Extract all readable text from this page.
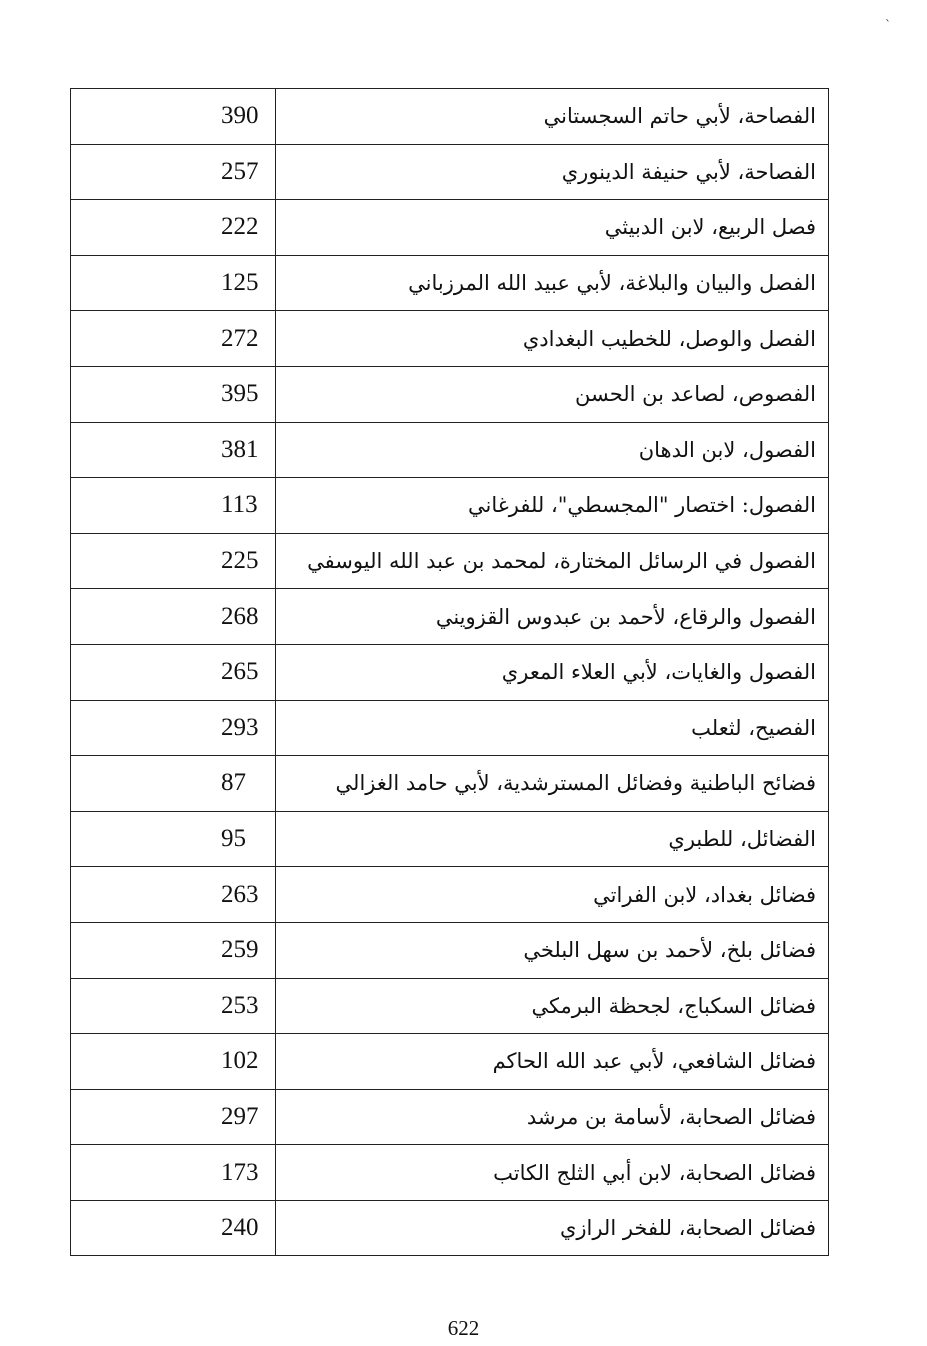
`
390	الفصاحة، لأبي حاتم السجستاني
257	الفصاحة، لأبي حنيفة الدينوري
222	فصل الربيع، لابن الدبيثي
125	الفصل والبيان والبلاغة، لأبي عبيد الله المرزباني
272	الفصل والوصل، للخطيب البغدادي
395	الفصوص، لصاعد بن الحسن
381	الفصول، لابن الدهان
113	الفصول: اختصار "المجسطي"، للفرغاني
225 الفصول في الرسائل المختارة، لمحمد بن عبد الله اليوسفي
268	الفصول والرقاع، لأحمد بن عبدوس القزويني
265	الفصول والغايات، لأبي العلاء المعري
293	الفصيح، لثعلب
87	فضائح الباطنية وفضائل المسترشدية، لأبي حامد الغزالي
95	الفضائل، للطبري
263	فضائل بغداد، لابن الفراتي
259	فضائل بلخ، لأحمد بن سهل البلخي
253	فضائل السكباج، لجحظة البرمكي
102	فضائل الشافعي، لأبي عبد الله الحاكم
297	فضائل الصحابة، لأسامة بن مرشد
173	فضائل الصحابة، لابن أبي الثلج الكاتب
240	فضائل الصحابة، للفخر الرازي
622
